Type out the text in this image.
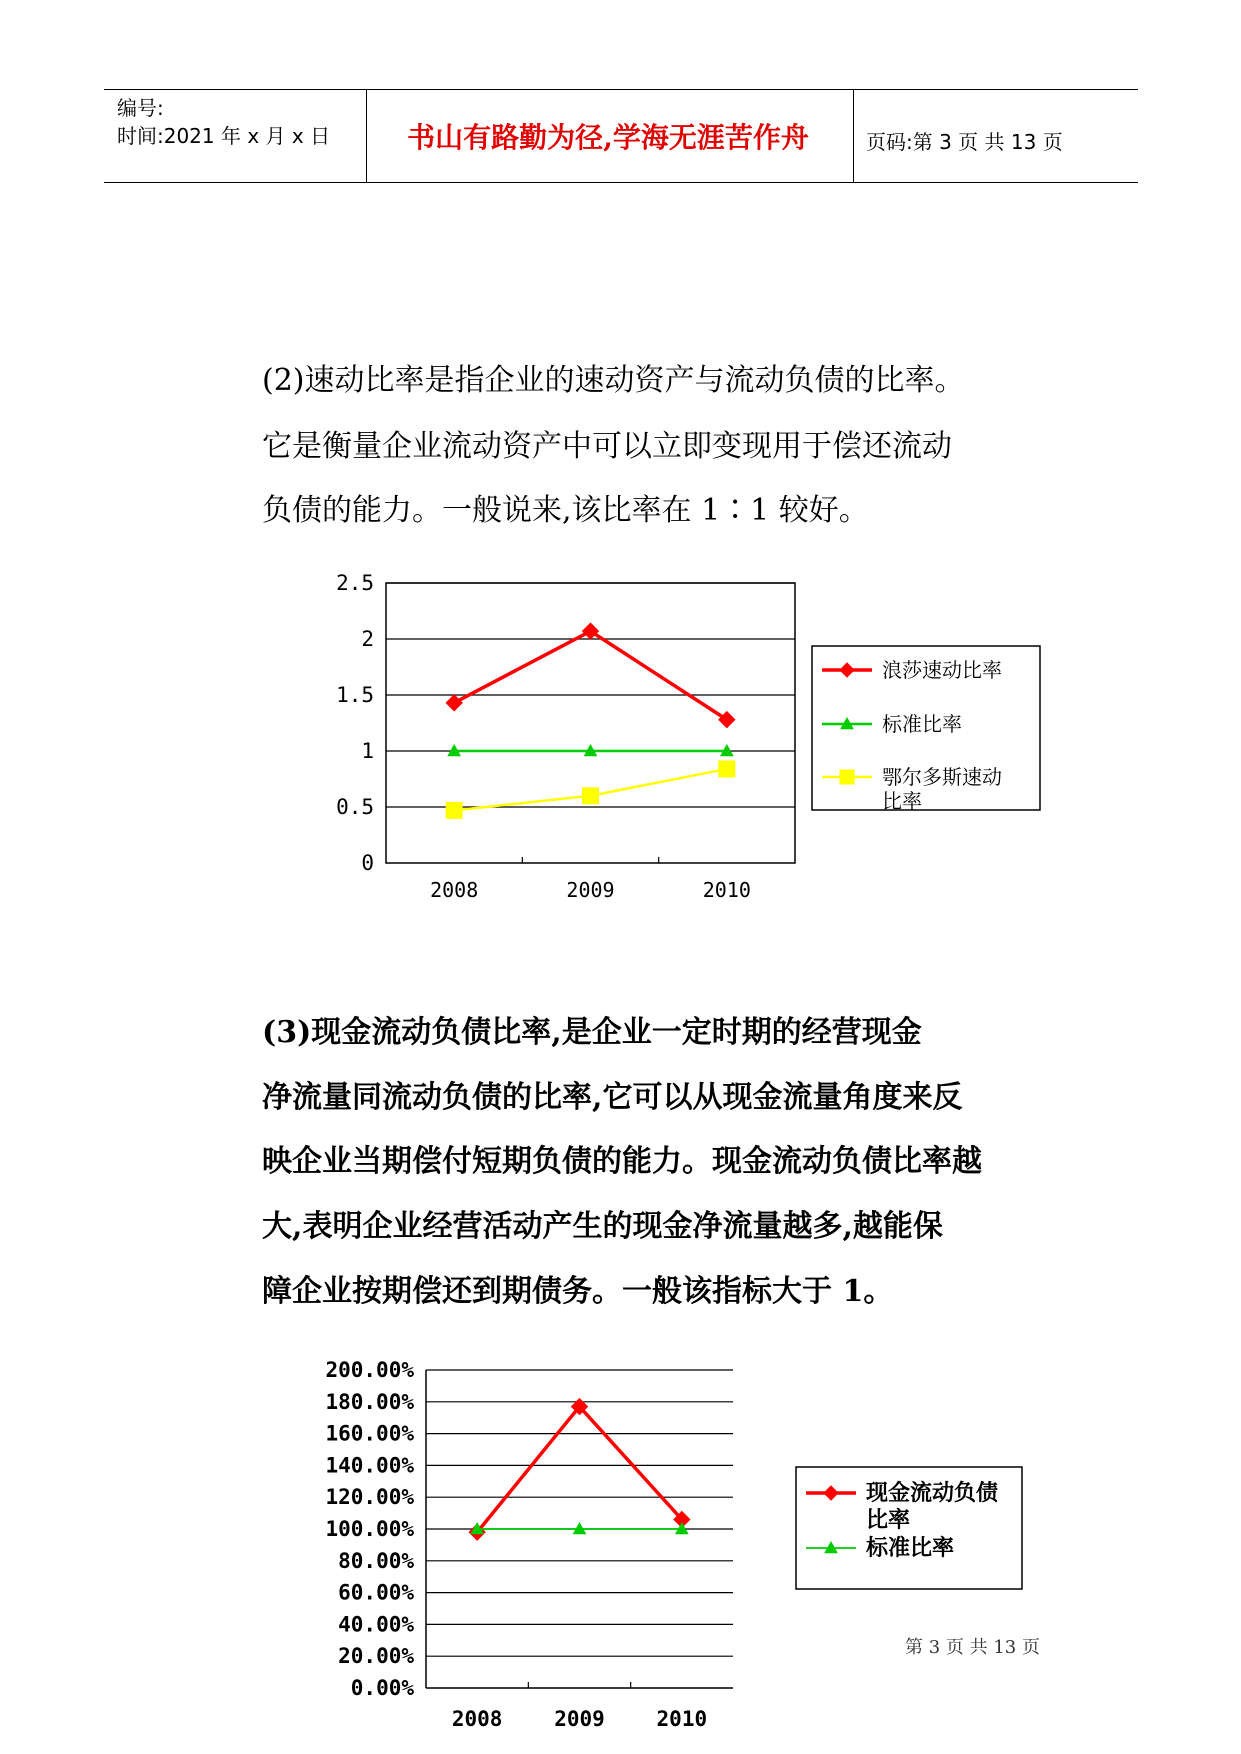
编号:
时间:2021 年 x 月 x 日	书山有路勤为径,学海无涯苦作舟	页码:第 3 页 共 13 页
(2)速动比率是指企业的速动资产与流动负债的比率。
它是衡量企业流动资产中可以立即变现用于偿还流动
负债的能力。一般说来,该比率在 1∶1 较好。
0
0.5
1
1.5
2
2.5
2008	2009	2010
浪莎速动比率
标准比率
鄂尔多斯速动比率
(3)现金流动负债比率,是企业一定时期的经营现金
净流量同流动负债的比率,它可以从现金流量角度来反
映企业当期偿付短期负债的能力。现金流动负债比率越
大,表明企业经营活动产生的现金净流量越多,越能保
障企业按期偿还到期债务。一般该指标大于 1。
0.00%
20.00%
40.00%
60.00%
80.00%
100.00%
120.00%
140.00%
160.00%
180.00%
200.00%
2008 2009 2010
现金流动负债比率
标准比率
第 3 页 共 13 页
